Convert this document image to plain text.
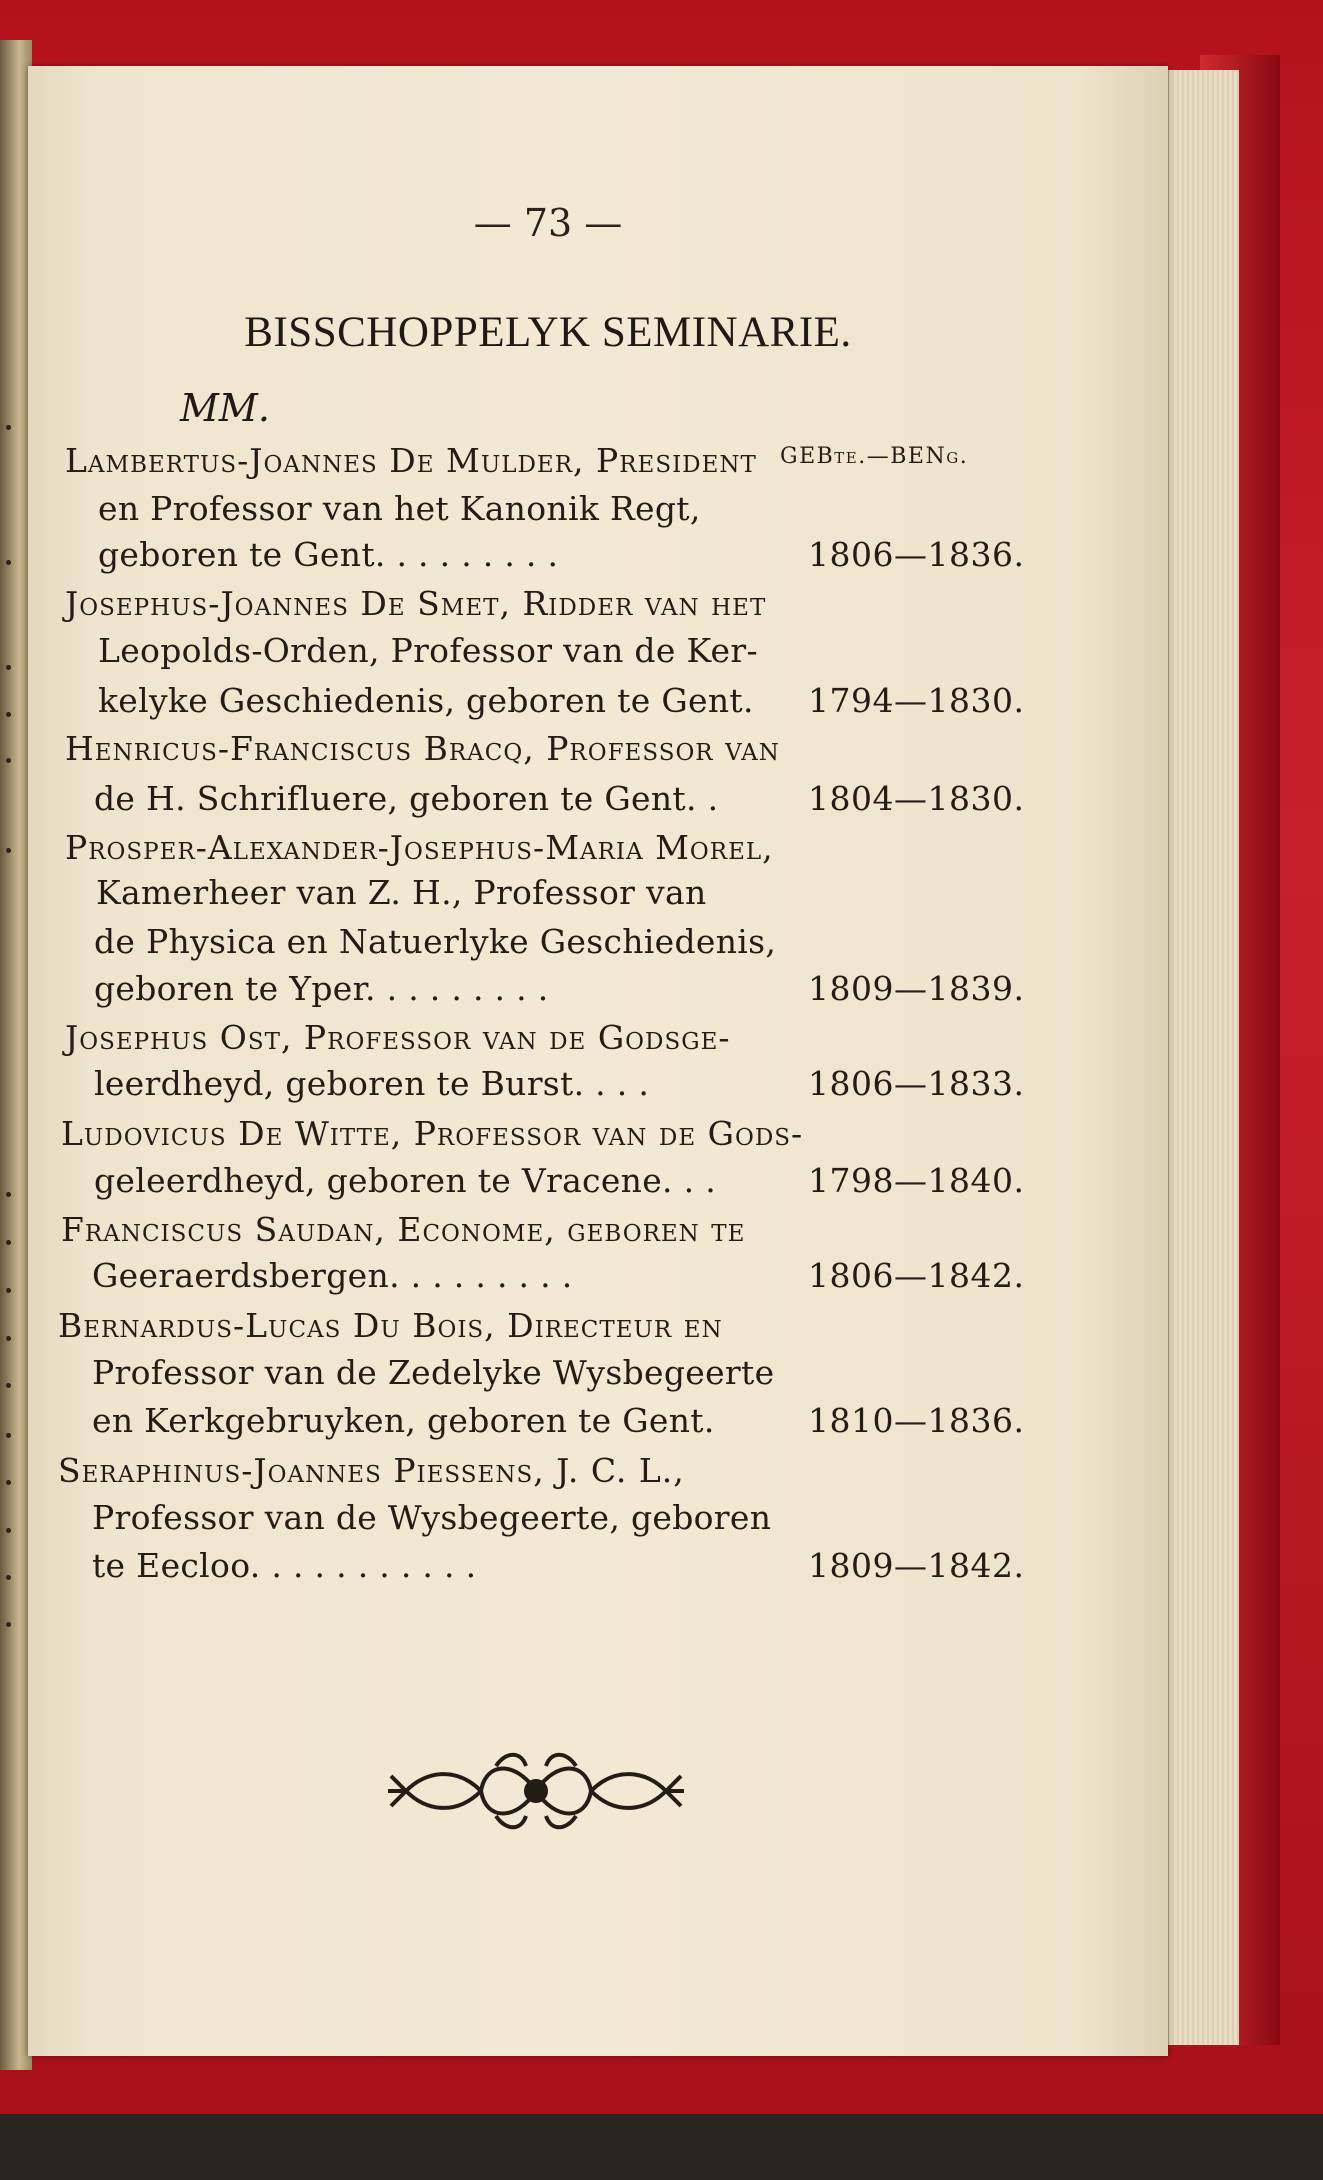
— 73 —
BISSCHOPPELYK SEMINARIE.
MM.
GEBte.—BENg.
Lambertus-Joannes De Mulder, President
en Professor van het Kanonik Regt,
geboren te Gent. . . . . . . . .
Josephus-Joannes De Smet, Ridder van het
Leopolds-Orden, Professor van de Ker-
kelyke Geschiedenis, geboren te Gent.
Henricus-Franciscus Bracq, Professor van
de H. Schrifluere, geboren te Gent. .
Prosper-Alexander-Josephus-Maria Morel,
Kamerheer van Z. H., Professor van
de Physica en Natuerlyke Geschiedenis,
geboren te Yper. . . . . . . . .
Josephus Ost, Professor van de Godsge-
leerdheyd, geboren te Burst. . . .
Ludovicus De Witte, Professor van de Gods-
geleerdheyd, geboren te Vracene. . .
Franciscus Saudan, Econome, geboren te
Geeraerdsbergen. . . . . . . . .
Bernardus-Lucas Du Bois, Directeur en
Professor van de Zedelyke Wysbegeerte
en Kerkgebruyken, geboren te Gent.
Seraphinus-Joannes Piessens, J. C. L.,
Professor van de Wysbegeerte, geboren
te Eecloo. . . . . . . . . . .
1806—1836.
1794—1830.
1804—1830.
1809—1839.
1806—1833.
1798—1840.
1806—1842.
1810—1836.
1809—1842.
